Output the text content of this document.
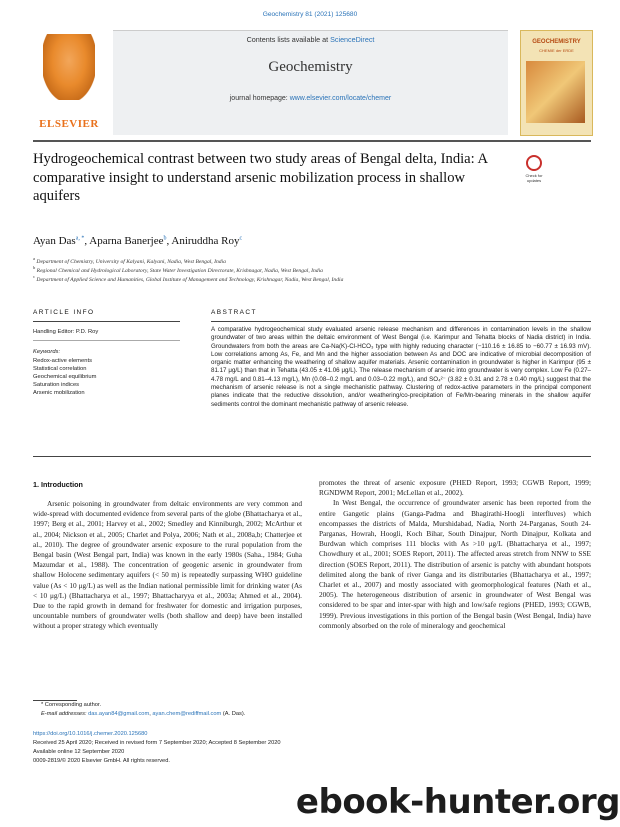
Geochemistry 81 (2021) 125680
ELSEVIER
Contents lists available at ScienceDirect
Geochemistry
journal homepage: www.elsevier.com/locate/chemer
GEOCHEMISTRY
CHEMIE der ERDE
Hydrogeochemical contrast between two study areas of Bengal delta, India: A comparative insight to understand arsenic mobilization process in shallow aquifers
Check for updates
Ayan Das$^{a, *}$, Aparna Banerjee$^b$, Aniruddha Roy$^c$
$^a$ Department of Chemistry, University of Kalyani, Kalyani, Nadia, West Bengal, India
$^b$ Regional Chemical and Hydrological Laboratory, State Water Investigation Directorate, Krishnagar, Nadia, West Bengal, India
$^c$ Department of Applied Science and Humanities, Global Institute of Management and Technology, Krishnagar, Nadia, West Bengal, India
ARTICLE INFO	ABSTRACT
Handling Editor: P.D. Roy
Keywords:
Redox-active elements
Statistical correlation
Geochemical equilibrium
Saturation indices
Arsenic mobilization

A comparative hydrogeochemical study evaluated arsenic release mechanism and differences in contamination levels in the shallow groundwater of two areas within the deltaic environment of West Bengal (i.e. Karimpur and Tehatta blocks of Nadia district) in India. Groundwaters from both the areas are Ca-Na(K)-Cl-HCO₃ type with highly reducing character (−110.16 ± 16.85 to −60.77 ± 16.93 mV). Low correlations among As, Fe, and Mn and the higher association between As and DOC are indicative of microbial decomposition of organic matter enhancing the weathering of shallow aquifer materials. Arsenic contamination in groundwater is higher in Karimpur (95 ± 81.17 μg/L) than that in Tehatta (43.05 ± 41.06 μg/L). The release mechanism of arsenic into groundwater is very complex. Low Fe (0.27–4.78 mg/L and 0.81–4.13 mg/L), Mn (0.08–0.2 mg/L and 0.03–0.22 mg/L), and SO₄²⁻ (3.82 ± 0.31 and 2.78 ± 0.40 mg/L) suggest that the mechanism of arsenic release is not a single mechanistic pathway. Clustering of redox-active parameters in the principal component planes indicate that the reductive dissolution, and/or weathering/co-precipitation of Fe/Mn-bearing minerals in the shallow aquifer sediments control the dominant mechanistic pathway of arsenic release.

1. Introduction

Arsenic poisoning in groundwater from deltaic environments are very common and wide-spread with documented evidence from several parts of the globe (Bhattacharya et al., 1997; Berg et al., 2001; Harvey et al., 2002; Smedley and Kinniburgh, 2002; McArthur et al., 2004; Nickson et al., 2005; Charlet and Polya, 2006; Nath et al., 2008a,b; Chatterjee et al., 2010). The degree of groundwater arsenic exposure to the rural population from the Bengal basin (West Bengal part, India) was known in the early 1980s (Saha., 1984; Guha Mazumdar et al., 1988). The concentration of geogenic arsenic in groundwater from shallow Holocene sedimentary aquifers (< 50 m) is repeatedly surpassing WHO guideline value (As < 10 μg/L) as well as the Indian national permissible limit for drinking water (As < 10 μg/L) (Bhattacharya et al., 1997; Bhattacharyya et al., 2003a; Ahmed et al., 2004). Due to the rapid growth in demand for freshwater for domestic and irrigation purposes, uncountable numbers of groundwater wells (both shallow and deep) have been installed without a proper strategy which eventually

promotes the threat of arsenic exposure (PHED Report, 1993; CGWB Report, 1999; RGNDWM Report, 2001; McLellan et al., 2002).

In West Bengal, the occurrence of groundwater arsenic has been reported from the entire Gangetic plains (Ganga-Padma and Bhagirathi-Hoogli interfluves) which encompasses the districts of Malda, Murshidabad, Nadia, North 24-Parganas, South 24-Parganas, Howrah, Hoogli, Koch Bihar, South Dinajpur, North Dinajpur, Kolkata and Burdwan which comprises 111 blocks with As >10 μg/L (Bhattacharya et al., 1997; Chowdhury et al., 2001; SOES Report, 2011). The affected areas stretch from NNW to SSE direction (SOES Report, 2011). The distribution of arsenic is patchy with abundant hotspots delimited along the bank of river Ganga and its distributaries (Bhattacharya et al., 1997; Charlet et al., 2007) and mostly associated with geomorphological features (Nath et al., 2005). The heterogeneous distribution of arsenic in groundwater of West Bengal was considered to be spar and inter-spar with high and low/safe regions (PHED, 1993; CGWB, 1999). Previous investigations in this portion of the Bengal basin (West Bengal, India) have commonly absorbed on the role of mineralogy and geochemical

* Corresponding author.
E-mail addresses: das.ayan84@gmail.com, ayan.chem@rediffmail.com (A. Das).
https://doi.org/10.1016/j.chemer.2020.125680
Received 25 April 2020; Received in revised form 7 September 2020; Accepted 8 September 2020
Available online 12 September 2020
0009-2819/© 2020 Elsevier GmbH. All rights reserved.
ebook-hunter.org
